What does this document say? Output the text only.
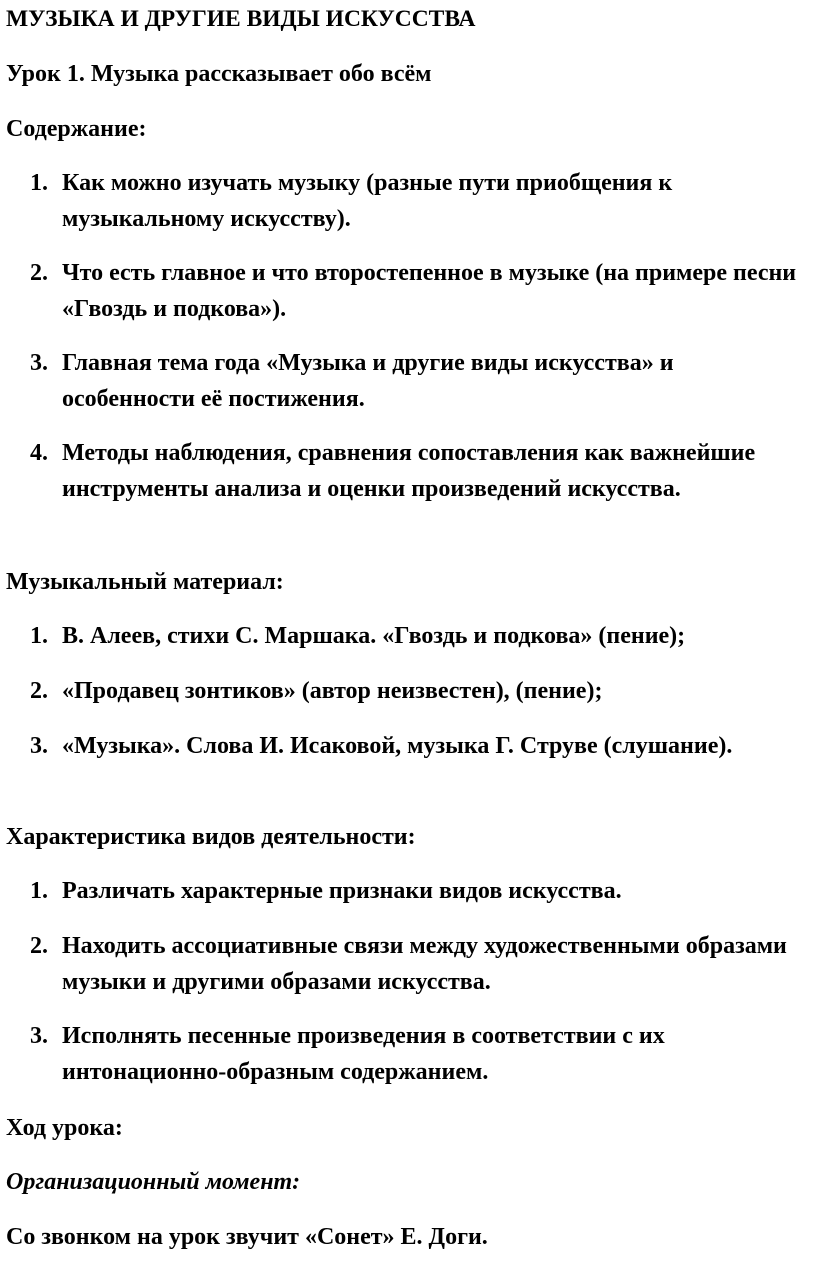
МУЗЫКА И ДРУГИЕ ВИДЫ ИСКУССТВА
Урок 1. Музыка рассказывает обо всём
Содержание:
1. Как можно изучать музыку (разные пути приобщения к музыкальному искусству).
2. Что есть главное и что второстепенное в музыке (на примере песни «Гвоздь и подкова»).
3. Главная тема года «Музыка и другие виды искусства» и особенности её постижения.
4. Методы наблюдения, сравнения сопоставления как важнейшие инструменты анализа и оценки произведений искусства.
Музыкальный материал:
1. В. Алеев, стихи С. Маршака. «Гвоздь и подкова» (пение);
2. «Продавец зонтиков» (автор неизвестен), (пение);
3. «Музыка». Слова И. Исаковой, музыка Г. Струве (слушание).
Характеристика видов деятельности:
1. Различать характерные признаки видов искусства.
2. Находить ассоциативные связи между художественными образами музыки и другими образами искусства.
3. Исполнять песенные произведения в соответствии с их интонационно-образным содержанием.
Ход урока:
Организационный момент:
Со звонком на урок звучит «Сонет» Е. Доги.
